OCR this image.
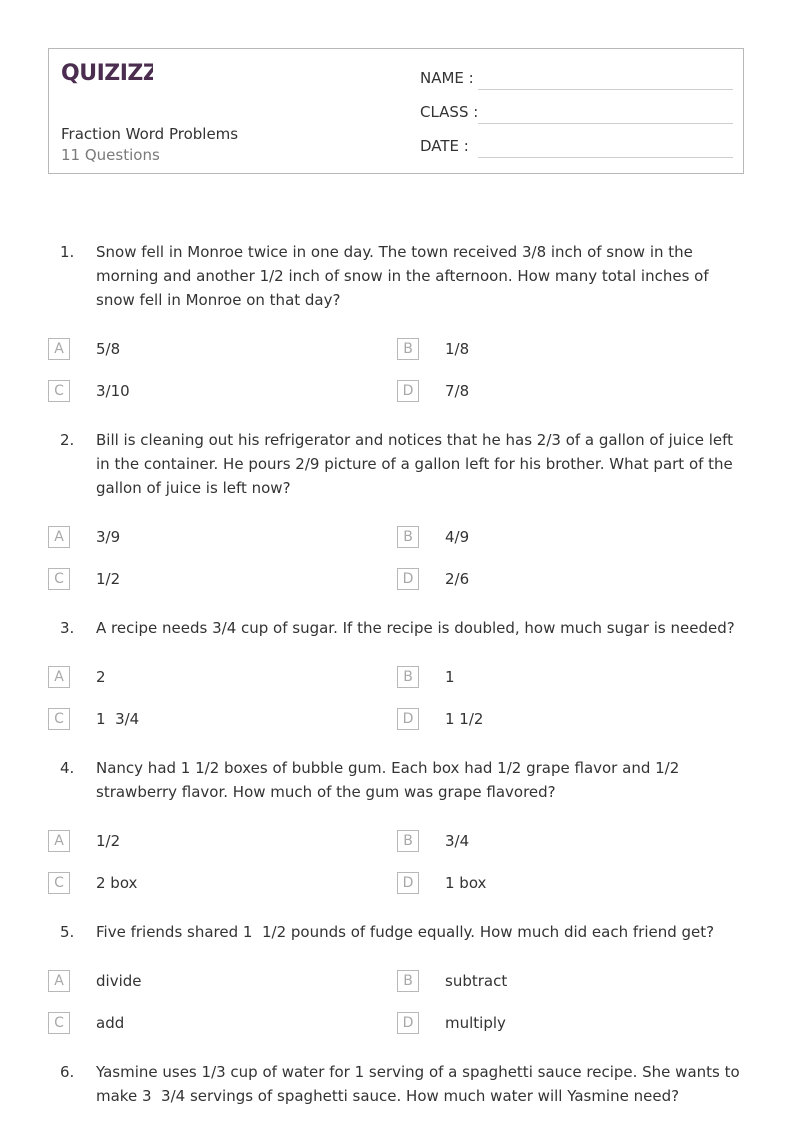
QUIZIZZ
Fraction Word Problems
11 Questions
NAME :
CLASS :
DATE :
1. Snow fell in Monroe twice in one day. The town received 3/8 inch of snow in the morning and another 1/2 inch of snow in the afternoon. How many total inches of snow fell in Monroe on that day?
A	5/8	B	1/8
C	3/10	D	7/8
2. Bill is cleaning out his refrigerator and notices that he has 2/3 of a gallon of juice left in the container. He pours 2/9 picture of a gallon left for his brother. What part of the gallon of juice is left now?
A	3/9	B	4/9
C	1/2	D	2/6
3. A recipe needs 3/4 cup of sugar. If the recipe is doubled, how much sugar is needed?
A	2	B	1
C	1  3/4	D	1 1/2
4. Nancy had 1 1/2 boxes of bubble gum. Each box had 1/2 grape flavor and 1/2 strawberry flavor. How much of the gum was grape flavored?
A	1/2	B	3/4
C	2 box	D	1 box
5. Five friends shared 1  1/2 pounds of fudge equally. How much did each friend get?
A	divide	B	subtract
C	add	D	multiply
6. Yasmine uses 1/3 cup of water for 1 serving of a spaghetti sauce recipe. She wants to make 3  3/4 servings of spaghetti sauce. How much water will Yasmine need?
